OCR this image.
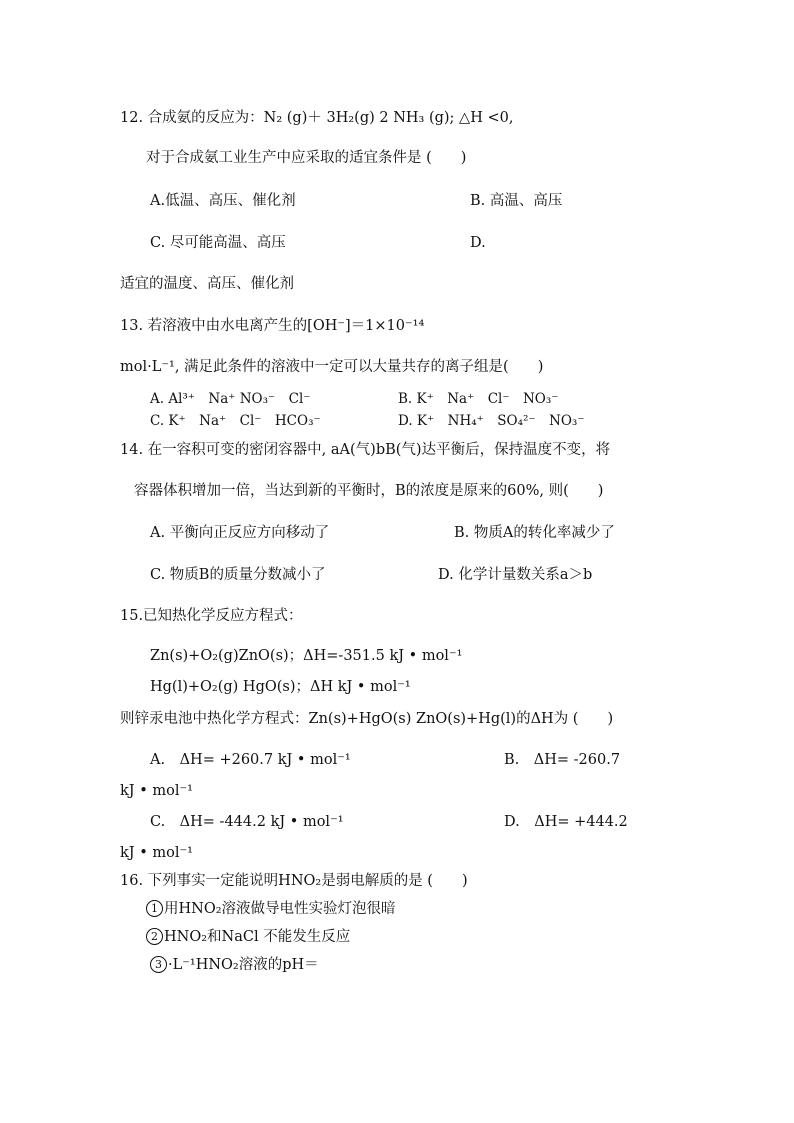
12. 合成氨的反应为：N₂ (g)＋ 3H₂(g) 2 NH₃ (g); △H <0,
对于合成氨工业生产中应采取的适宜条件是 (　　)
A.低温、高压、催化剂	B. 高温、高压
C. 尽可能高温、高压	D.
适宜的温度、高压、催化剂
13. 若溶液中由水电离产生的[OH⁻]＝1×10⁻¹⁴
mol·L⁻¹, 满足此条件的溶液中一定可以大量共存的离子组是(　　)
A. Al³⁺　Na⁺ NO₃⁻　Cl⁻	B. K⁺　Na⁺　Cl⁻　NO₃⁻
C. K⁺　Na⁺　Cl⁻　HCO₃⁻	D. K⁺　NH₄⁺　SO₄²⁻　NO₃⁻
14. 在一容积可变的密闭容器中, aA(气)bB(气)达平衡后，保持温度不变，将
容器体积增加一倍，当达到新的平衡时，B的浓度是原来的60%, 则(　　)
A. 平衡向正反应方向移动了	B. 物质A的转化率减少了
C. 物质B的质量分数减小了	D. 化学计量数关系a＞b
15.已知热化学反应方程式：
Zn(s)+O₂(g)ZnO(s)；ΔH=-351.5 kJ • mol⁻¹
Hg(l)+O₂(g) HgO(s)；ΔH kJ • mol⁻¹
则锌汞电池中热化学方程式：Zn(s)+HgO(s) ZnO(s)+Hg(l)的ΔH为 (　　)
A.　ΔH= +260.7 kJ • mol⁻¹	B.　ΔH= -260.7
kJ • mol⁻¹
C.　ΔH= -444.2 kJ • mol⁻¹	D.　ΔH= +444.2
kJ • mol⁻¹
16. 下列事实一定能说明HNO₂是弱电解质的是 (　　)
1 用HNO₂溶液做导电性实验灯泡很暗
2 HNO₂和NaCl 不能发生反应
3 ·L⁻¹HNO₂溶液的pH＝
